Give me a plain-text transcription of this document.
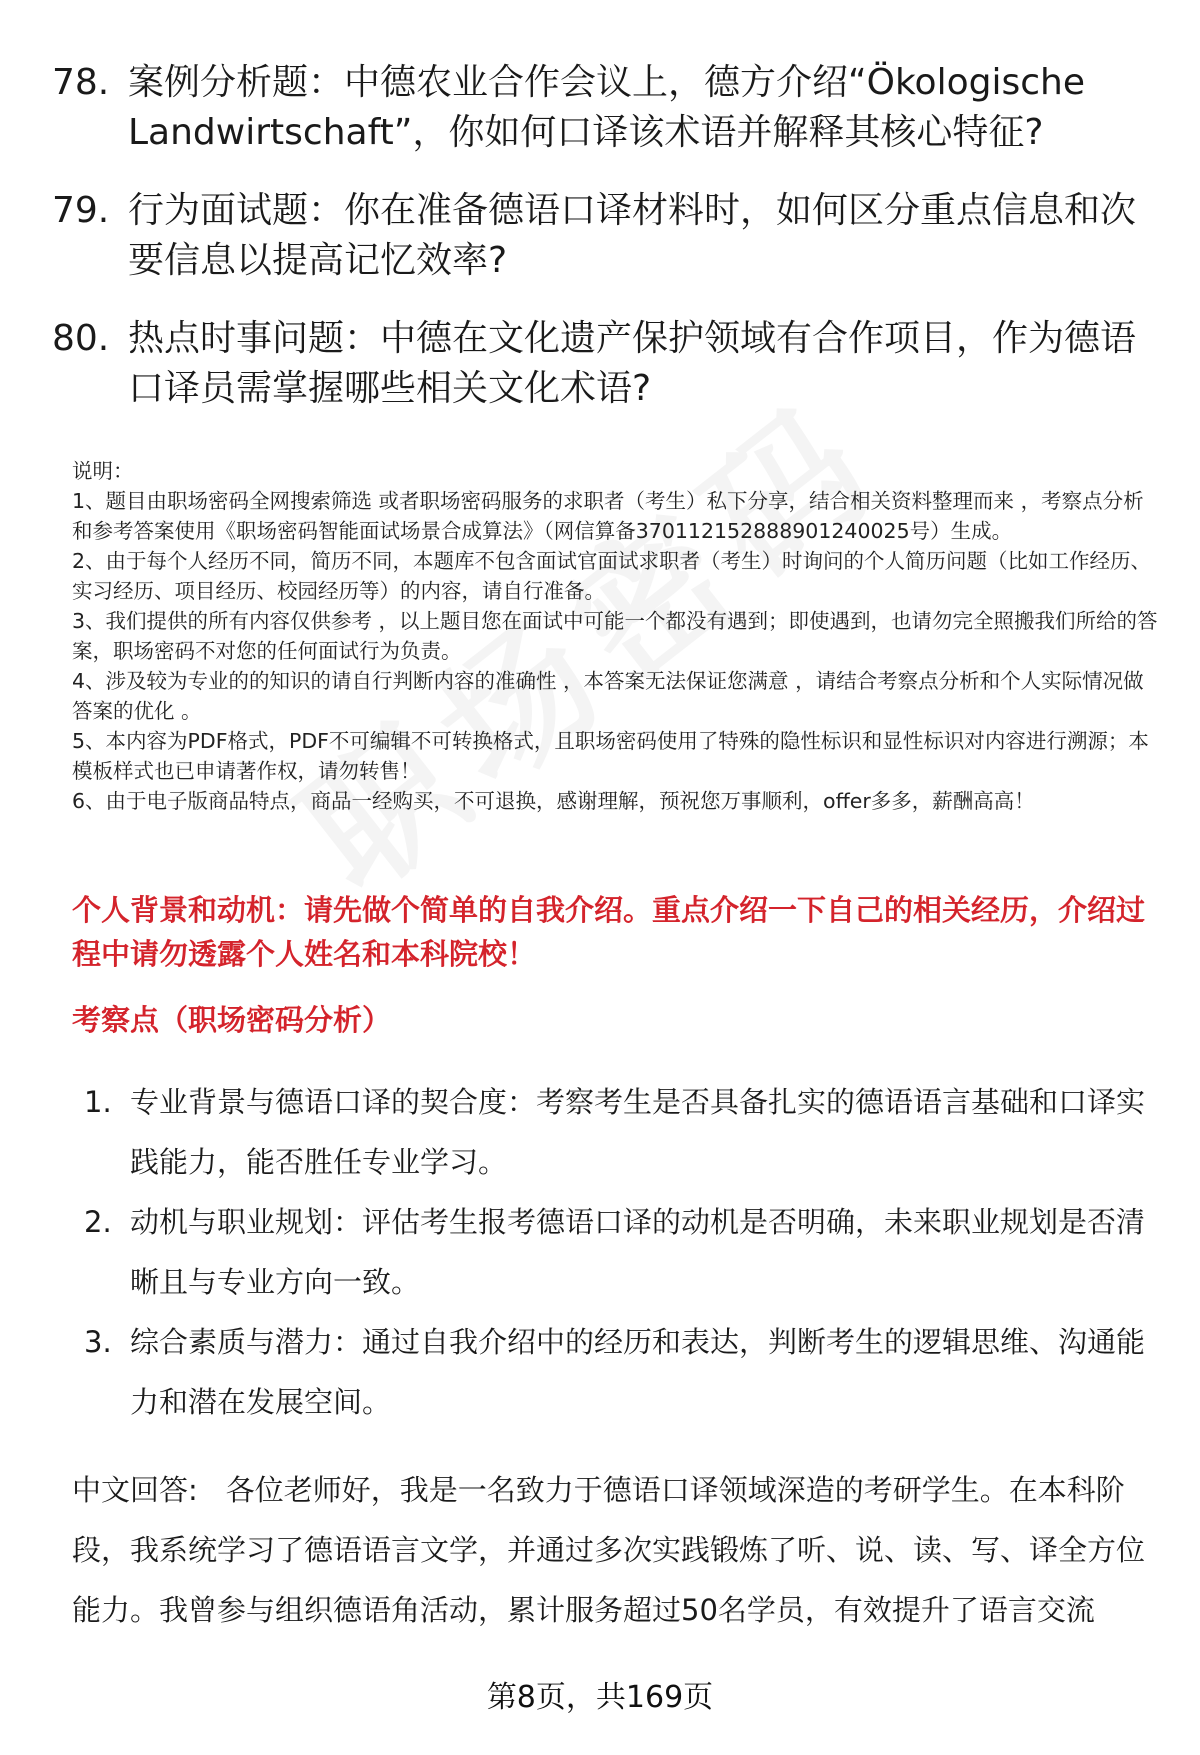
78. 案例分析题：中德农业合作会议上，德方介绍“Ökologische Landwirtschaft”，你如何口译该术语并解释其核心特征?
79. 行为面试题：你在准备德语口译材料时，如何区分重点信息和次要信息以提高记忆效率?
80. 热点时事问题：中德在文化遗产保护领域有合作项目，作为德语口译员需掌握哪些相关文化术语?

说明：

1、题目由职场密码全网搜索筛选 或者职场密码服务的求职者（考生）私下分享，结合相关资料整理而来 ，考察点分析和参考答案使用《职场密码智能面试场景合成算法》（网信算备370112152888901240025号）生成。

2、由于每个人经历不同，简历不同，本题库不包含面试官面试求职者（考生）时询问的个人简历问题（比如工作经历、实习经历、项目经历、校园经历等）的内容，请自行准备。

3、我们提供的所有内容仅供参考 ，以上题目您在面试中可能一个都没有遇到；即使遇到，也请勿完全照搬我们所给的答案，职场密码不对您的任何面试行为负责。

4、涉及较为专业的的知识的请自行判断内容的准确性 ，本答案无法保证您满意 ，请结合考察点分析和个人实际情况做答案的优化 。

5、本内容为PDF格式，PDF不可编辑不可转换格式，且职场密码使用了特殊的隐性标识和显性标识对内容进行溯源；本模板样式也已申请著作权，请勿转售！

6、由于电子版商品特点，商品一经购买，不可退换，感谢理解，预祝您万事顺利，offer多多，薪酬高高！

个人背景和动机：请先做个简单的自我介绍。重点介绍一下自己的相关经历，介绍过程中请勿透露个人姓名和本科院校！
考察点（职场密码分析）
1. 专业背景与德语口译的契合度：考察考生是否具备扎实的德语语言基础和口译实践能力，能否胜任专业学习。
2. 动机与职业规划：评估考生报考德语口译的动机是否明确，未来职业规划是否清晰且与专业方向一致。
3. 综合素质与潜力：通过自我介绍中的经历和表达，判断考生的逻辑思维、沟通能力和潜在发展空间。
中文回答: 各位老师好，我是一名致力于德语口译领域深造的考研学生。在本科阶段，我系统学习了德语语言文学，并通过多次实践锻炼了听、说、读、写、译全方位能力。我曾参与组织德语角活动，累计服务超过50名学员，有效提升了语言交流
第8页，共169页
